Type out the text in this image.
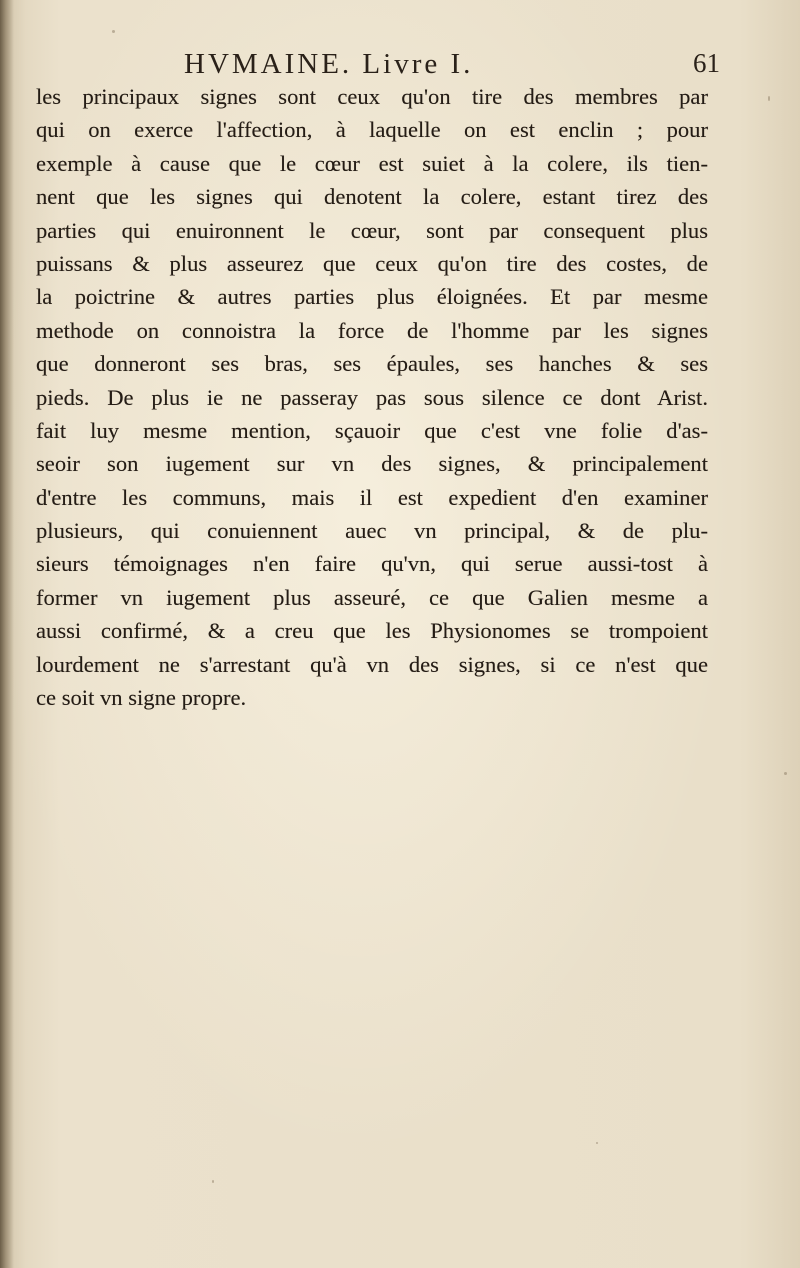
HVMAINE. Livre I.	61
les principaux signes sont ceux qu'on tire des membres par
qui on exerce l'affection, à laquelle on est enclin ; pour
exemple à cause que le cœur est suiet à la colere, ils tien-
nent que les signes qui denotent la colere, estant tirez des
parties qui enuironnent le cœur, sont par consequent plus
puissans & plus asseurez que ceux qu'on tire des costes, de
la poictrine & autres parties plus éloignées. Et par mesme
methode on connoistra la force de l'homme par les signes
que donneront ses bras, ses épaules, ses hanches & ses
pieds. De plus ie ne passeray pas sous silence ce dont Arist.
fait luy mesme mention, sçauoir que c'est vne folie d'as-
seoir son iugement sur vn des signes, & principalement
d'entre les communs, mais il est expedient d'en examiner
plusieurs, qui conuiennent auec vn principal, & de plu-
sieurs témoignages n'en faire qu'vn, qui serue aussi-tost à
former vn iugement plus asseuré, ce que Galien mesme a
aussi confirmé, & a creu que les Physionomes se trompoient
lourdement ne s'arrestant qu'à vn des signes, si ce n'est que
ce soit vn signe propre.
